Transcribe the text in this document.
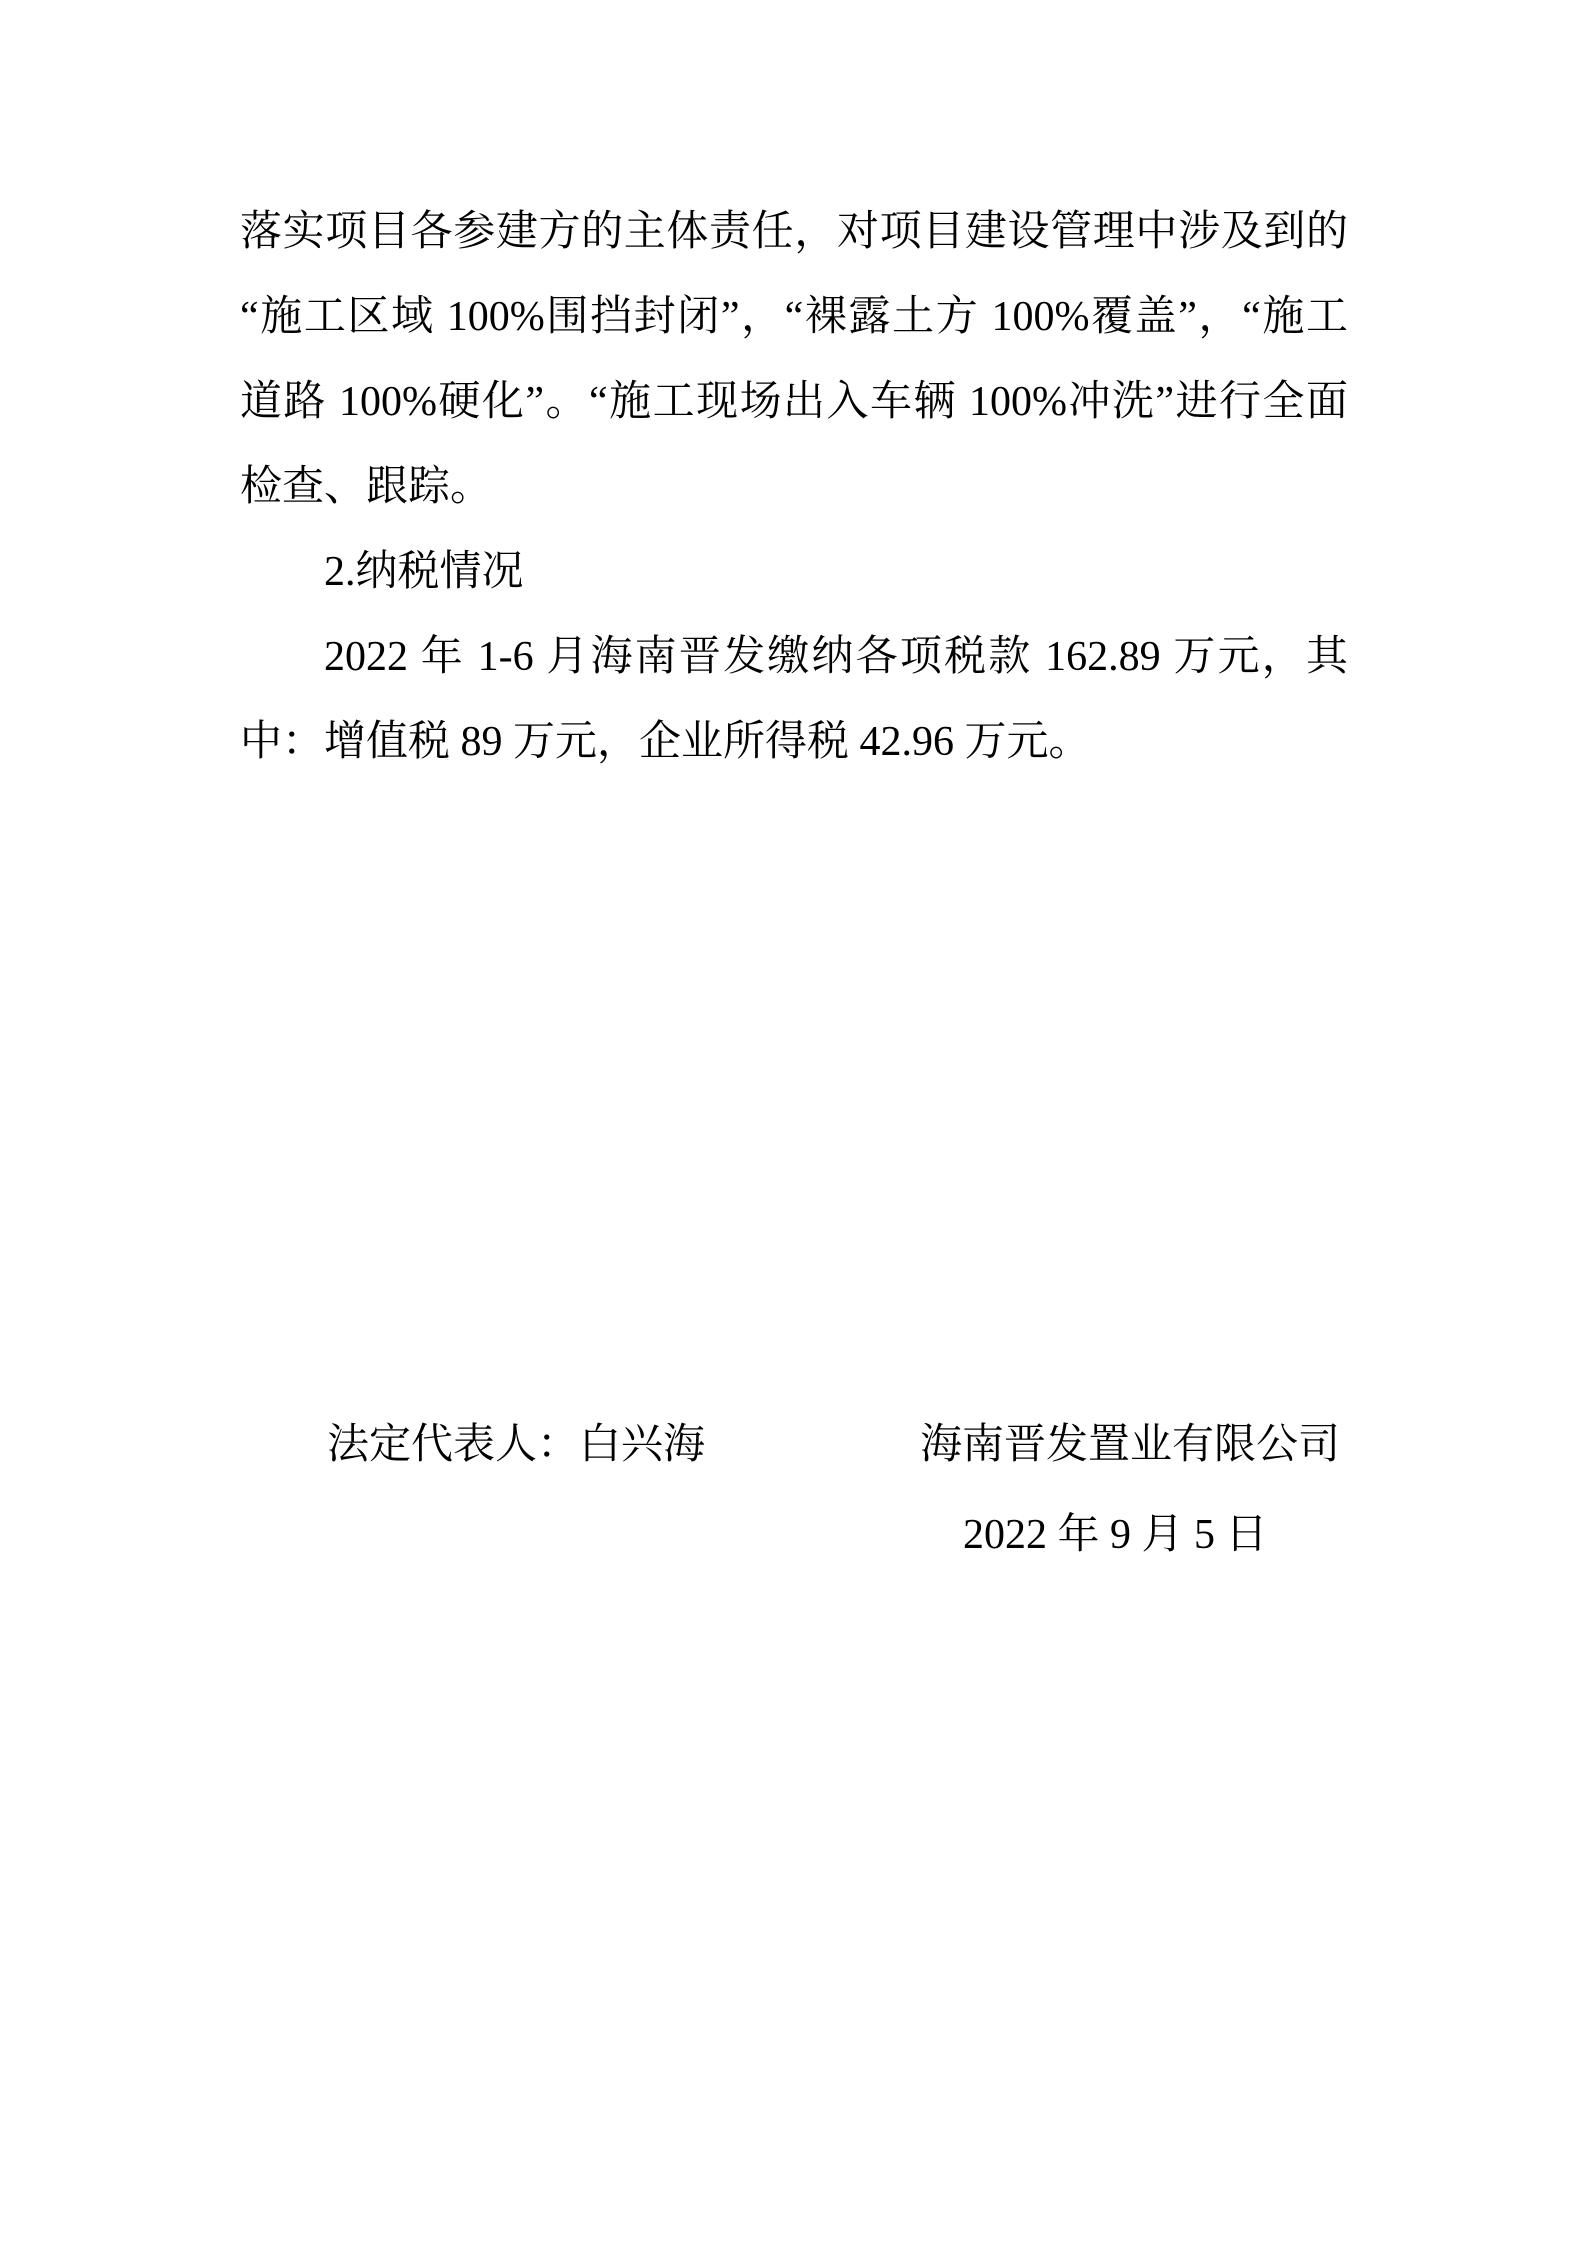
落实项目各参建方的主体责任，对项目建设管理中涉及到的
“施工区域 100%围挡封闭”，“裸露土方 100%覆盖”，“施工
道路 100%硬化”。“施工现场出入车辆 100%冲洗”进行全面
检查、跟踪。
2.纳税情况
2022 年 1-6 月海南晋发缴纳各项税款 162.89 万元，其
中：增值税 89 万元，企业所得税 42.96 万元。
法定代表人：白兴海	海南晋发置业有限公司
2022 年 9 月 5 日
